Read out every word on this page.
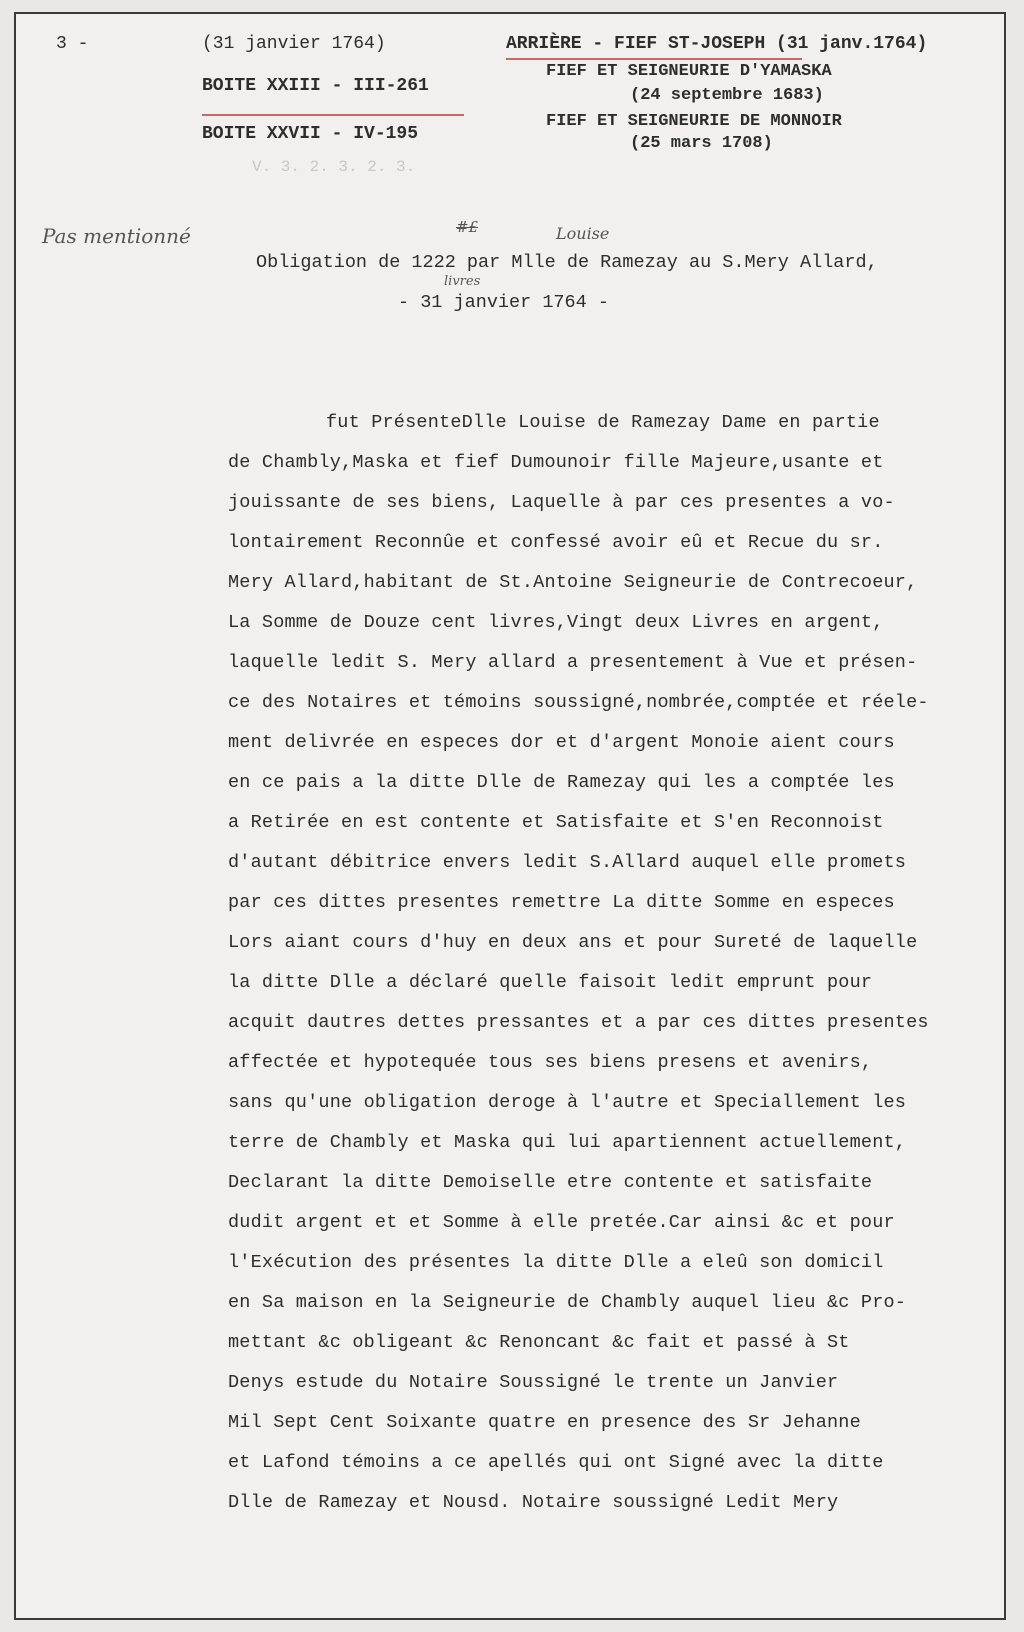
3 -	(31 janvier 1764)
BOITE XXIII - III-261
BOITE XXVII - IV-195
V. 3. 2. 3. 2. 3.
ARRIÈRE - FIEF ST-JOSEPH (31 janv.1764)
FIEF ET SEIGNEURIE D'YAMASKA
(24 septembre 1683)
FIEF ET SEIGNEURIE DE MONNOIR
(25 mars 1708)
Pas mentionné	#£	Louise
Obligation de 1222 par Mlle de Ramezay au S.Mery Allard,
livres
- 31 janvier 1764 -
fut PrésenteDlle Louise de Ramezay Dame en partie
de Chambly,Maska et fief Dumounoir fille Majeure,usante et
jouissante de ses biens, Laquelle à par ces presentes a vo-
lontairement Reconnûe et confessé avoir eû et Recue du sr.
Mery Allard,habitant de St.Antoine Seigneurie de Contrecoeur,
La Somme de Douze cent livres,Vingt deux Livres en argent,
laquelle ledit S. Mery allard a presentement à Vue et présen-
ce des Notaires et témoins soussigné,nombrée,comptée et réele-
ment delivrée en especes dor et d'argent Monoie aient cours
en ce pais a la ditte Dlle de Ramezay qui les a comptée les
a Retirée en est contente et Satisfaite et S'en Reconnoist
d'autant débitrice envers ledit S.Allard auquel elle promets
par ces dittes presentes remettre La ditte Somme en especes
Lors aiant cours d'huy en deux ans et pour Sureté de laquelle
la ditte Dlle a déclaré quelle faisoit ledit emprunt pour
acquit dautres dettes pressantes et a par ces dittes presentes
affectée et hypotequée tous ses biens presens et avenirs,
sans qu'une obligation deroge à l'autre et Speciallement les
terre de Chambly et Maska qui lui apartiennent actuellement,
Declarant la ditte Demoiselle etre contente et satisfaite
dudit argent et et Somme à elle pretée.Car ainsi &c et pour
l'Exécution des présentes la ditte Dlle a eleû son domicil
en Sa maison en la Seigneurie de Chambly auquel lieu &c Pro-
mettant &c obligeant &c Renoncant &c fait et passé à St
Denys estude du Notaire Soussigné le trente un Janvier
Mil Sept Cent Soixante quatre en presence des Sr Jehanne
et Lafond témoins a ce apellés qui ont Signé avec la ditte
Dlle de Ramezay et Nousd. Notaire soussigné Ledit Mery
